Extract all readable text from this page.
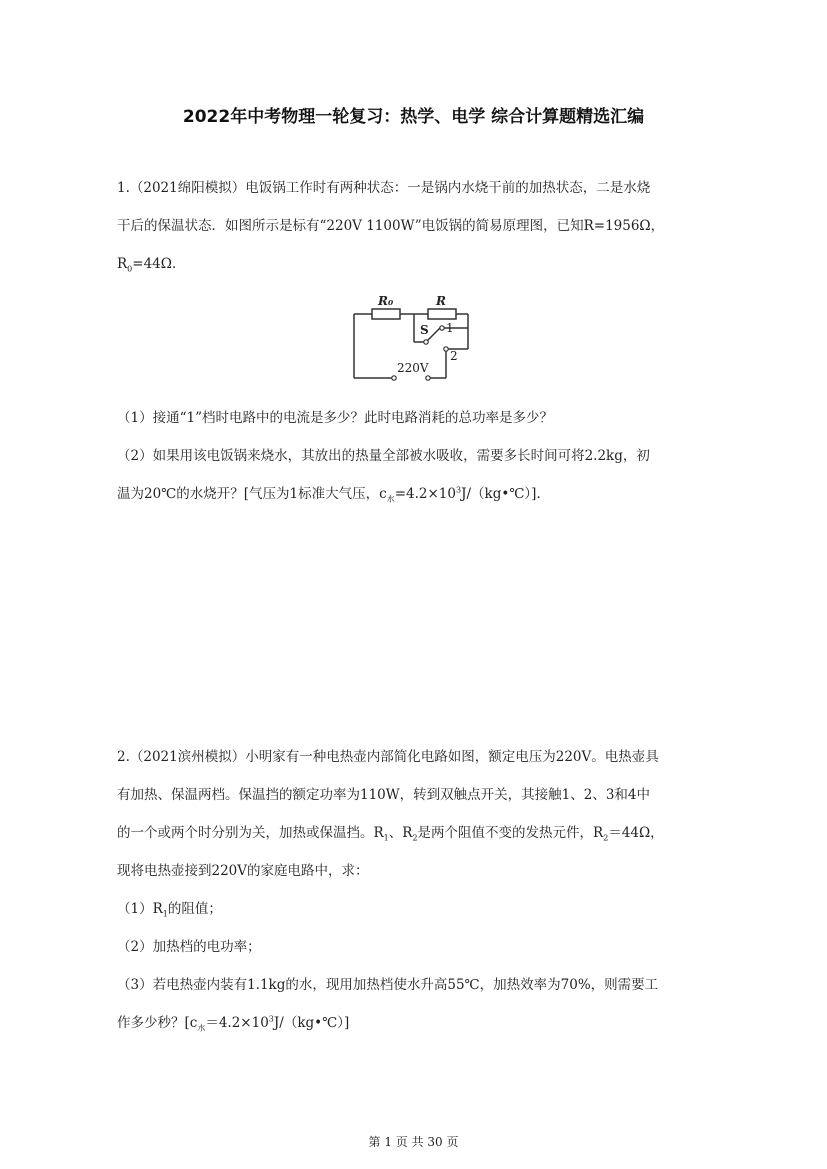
2022年中考物理一轮复习：热学、电学 综合计算题精选汇编
1.（2021绵阳模拟）电饭锅工作时有两种状态：一是锅内水烧干前的加热状态，二是水烧
干后的保温状态．如图所示是标有“220V 1100W”电饭锅的简易原理图，已知R=1956Ω，
$R_0=44\Omega$．
R₀	R
S 1
2
220V
（1）接通“1”档时电路中的电流是多少？此时电路消耗的总功率是多少？
（2）如果用该电饭锅来烧水，其放出的热量全部被水吸收，需要多长时间可将2.2kg，初
温为20℃的水烧开？[气压为1标准大气压，$c_水=4.2\times 10^3J/(kg•℃)$]．
2.（2021滨州模拟）小明家有一种电热壶内部简化电路如图，额定电压为220V。电热壶具
有加热、保温两档。保温挡的额定功率为110W，转到双触点开关，其接触1、2、3和4中
的一个或两个时分别为关，加热或保温挡。$R_1$、$R_2$是两个阻值不变的发热元件，$R_2=44\Omega$，
现将电热壶接到220V的家庭电路中，求：
$(1)R_1$的阻值；
（2）加热档的电功率；
（3）若电热壶内装有1.1kg的水，现用加热档使水升高55℃，加热效率为70%，则需要工
作多少秒？$[c_水=4.2\times 10^3J/(kg•℃)]$
第 1 页 共 30 页
